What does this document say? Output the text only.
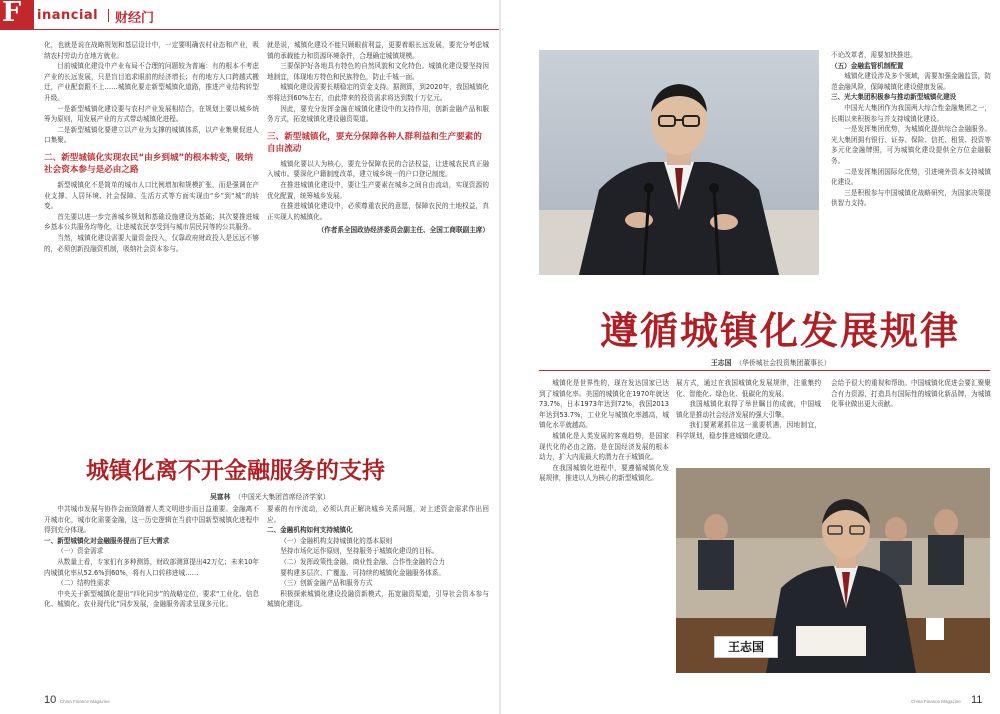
F inancial 财经门

化，也就是说在战略规划和基层设计中，一定要明确农村业态和产业，吸纳农村劳动力在地方就业。

目前城镇化建设中产业布局不合理的问题较为普遍：有的根本不考虑产业的长远发展，只是盲目追求眼前的经济增长；有的地方人口跨越式搬迁，产业配套跟不上……城镇化要走新型城镇化道路，推进产业结构转型升级。

一是新型城镇化建设要与农村产业发展相结合，在规划上要以城乡统筹为原则，用发展产业的方式带动城镇化进程。

二是新型城镇化要建立以产业为支撑的城镇体系，以产业集聚促进人口集聚。

二、新型城镇化实现农民“由乡到城”的根本转变，吸纳社会资本参与是必由之路

新型城镇化不是简单的城市人口比例增加和规模扩张，而是强调在产业支撑、人居环境、社会保障、生活方式等方面实现由“乡”到“城”的转变。

首先要以进一步完善城乡规划和基础设施建设为基础；其次要推进城乡基本公共服务均等化，让进城农民享受到与城市居民同等的公共服务。

当然，城镇化建设需要大量资金投入，仅靠政府财政投入是远远不够的，必须创新投融资机制，吸纳社会资本参与。

就是说，城镇化建设不能只顾眼前利益，更要着眼长远发展，要充分考虑城镇的承载能力和资源环境条件，合理确定城镇规模。

三要保护好各地具有特色的自然风貌和文化特色。城镇化建设要坚持因地制宜，体现地方特色和民族特色，防止千城一面。

城镇化建设需要长期稳定的资金支持。据测算，到2020年，我国城镇化率将达到60%左右，由此带来的投资需求将达到数十万亿元。

因此，要充分发挥金融在城镇化建设中的支持作用，创新金融产品和服务方式，拓宽城镇化建设融资渠道。

三、新型城镇化，要充分保障各种人群利益和生产要素的自由流动

城镇化要以人为核心，要充分保障农民的合法权益，让进城农民真正融入城市。要深化户籍制度改革，建立城乡统一的户口登记制度。

在推进城镇化建设中，要让生产要素在城乡之间自由流动，实现资源的优化配置，统筹城乡发展。

在推进城镇化建设中，必须尊重农民的意愿，保障农民的土地权益，真正实现人的城镇化。

（作者系全国政协经济委员会副主任、全国工商联副主席）

城镇化离不开金融服务的支持
吴富林 （中国光大集团首席经济学家）

中共城市发展与协作会面致随着人类文明进步而日益重要。金融离不开城市化，城市化需要金融，这一历史逻辑在当前中国新型城镇化进程中得到充分体现。

一、新型城镇化对金融服务提出了巨大需求

（一）资金需求

从数量上看，专家们有多种测算，财政部测算提出42万亿；未来10年内城镇化率从52.6%到60%，将有人口转移进城……

（二）结构性需求

中央关于新型城镇化提出“四化同步”的战略定位，要求“工业化、信息化、城镇化、农业现代化”同步发展，金融服务需求呈现多元化。

要素的有序流动，必须认真正解决城乡关系问题，对上述资金需求作出回应。

二、金融机构如何支持城镇化

（一）金融机构支持城镇化的基本原则

坚持市场化运作原则，坚持服务于城镇化建设的目标。

（二）发挥政策性金融、商业性金融、合作性金融的合力

要构建多层次、广覆盖、可持续的城镇化金融服务体系。

（三）创新金融产品和服务方式

积极探索城镇化建设投融资新模式，拓宽融资渠道，引导社会资本参与城镇化建设。

10 China Finance Magazine

不论改革者，需要加快推进。

（五）金融监管机制配置

城镇化建设涉及多个领域，需要加强金融监管，防范金融风险，保障城镇化建设健康发展。

三、光大集团积极参与推动新型城镇化建设

中国光大集团作为我国两大综合性金融集团之一，长期以来积极参与并支持城镇化建设。

一是发挥集团优势，为城镇化提供综合金融服务。光大集团拥有银行、证券、保险、信托、租赁、投资等多元化金融牌照，可为城镇化建设提供全方位金融服务。

二是发挥集团国际化优势，引进境外资本支持城镇化建设。

三是积极参与中国城镇化战略研究，为国家决策提供智力支持。

遵循城镇化发展规律
王志国 （华侨城社会投资集团董事长）

城镇化是世界性的，现在发达国家已达到了城镇化率。美国的城镇化在1970年就达73.7%，日本1973年达到72%，我国2013年达到53.7%，工业化与城镇化率越高，城镇化水平就越高。

城镇化是人类发展的客观趋势，是国家现代化的必由之路。是在国经济发展的根本动力，扩大内需最大的潜力在于城镇化。

在我国城镇化进程中，要遵循城镇化发展规律，推进以人为核心的新型城镇化。

展方式，通过在我国城镇化发展规律，注重集约化、智能化、绿色化、低碳化的发展。

我国城镇化取得了举世瞩目的成就，中国城镇化是推动社会经济发展的强大引擎。

我们要紧紧抓住这一重要机遇，因地制宜，科学规划，稳步推进城镇化建设。

会给予很大的重视和帮助。中国城镇化促进会要汇聚聚合有力资源，打造具有国际性的城镇化新品牌，为城镇化事业做出更大贡献。

王志国
11
China Finance Magazine
